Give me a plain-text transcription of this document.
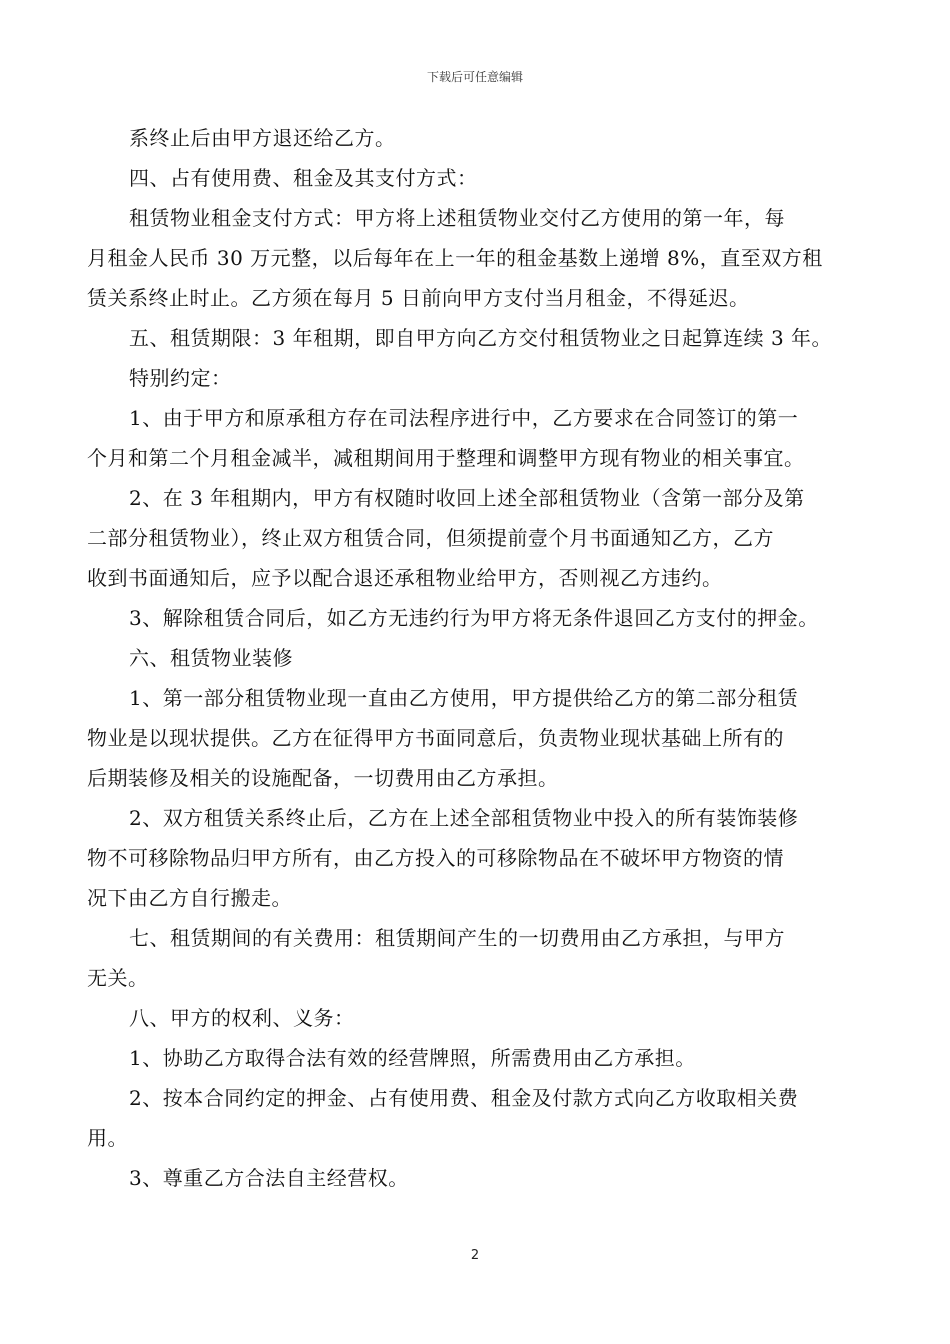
下载后可任意编辑
系终止后由甲方退还给乙方。
四、占有使用费、租金及其支付方式：
租赁物业租金支付方式：甲方将上述租赁物业交付乙方使用的第一年，每
月租金人民币 30 万元整，以后每年在上一年的租金基数上递增 8%，直至双方租
赁关系终止时止。乙方须在每月 5 日前向甲方支付当月租金，不得延迟。
五、租赁期限：3 年租期，即自甲方向乙方交付租赁物业之日起算连续 3 年。
特别约定：
1、由于甲方和原承租方存在司法程序进行中，乙方要求在合同签订的第一
个月和第二个月租金减半，减租期间用于整理和调整甲方现有物业的相关事宜。
2、在 3 年租期内，甲方有权随时收回上述全部租赁物业（含第一部分及第
二部分租赁物业），终止双方租赁合同，但须提前壹个月书面通知乙方，乙方
收到书面通知后，应予以配合退还承租物业给甲方，否则视乙方违约。
3、解除租赁合同后，如乙方无违约行为甲方将无条件退回乙方支付的押金。
六、租赁物业装修
1、第一部分租赁物业现一直由乙方使用，甲方提供给乙方的第二部分租赁
物业是以现状提供。乙方在征得甲方书面同意后，负责物业现状基础上所有的
后期装修及相关的设施配备，一切费用由乙方承担。
2、双方租赁关系终止后，乙方在上述全部租赁物业中投入的所有装饰装修
物不可移除物品归甲方所有，由乙方投入的可移除物品在不破坏甲方物资的情
况下由乙方自行搬走。
七、租赁期间的有关费用：租赁期间产生的一切费用由乙方承担，与甲方
无关。
八、甲方的权利、义务：
1、协助乙方取得合法有效的经营牌照，所需费用由乙方承担。
2、按本合同约定的押金、占有使用费、租金及付款方式向乙方收取相关费
用。
3、尊重乙方合法自主经营权。
2
